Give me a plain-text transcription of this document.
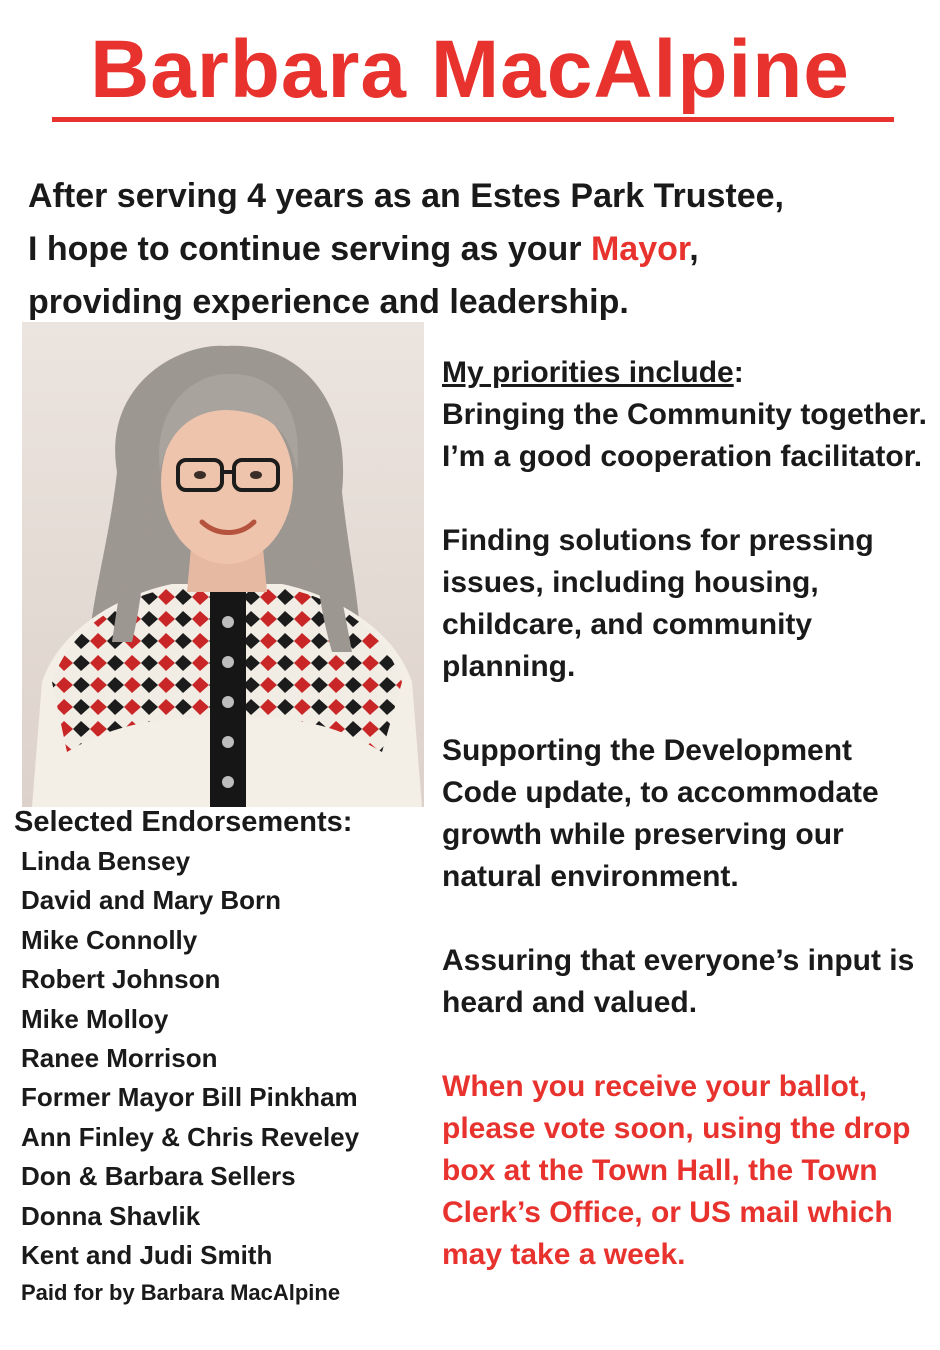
Barbara MacAlpine
After serving 4 years as an Estes Park Trustee,
I hope to continue serving as your Mayor,
providing experience and leadership.
My priorities include:
Bringing the Community together. I’m a good cooperation facilitator.
Finding solutions for pressing issues, including housing, childcare, and community planning.
Supporting the Development Code update, to accommodate growth while preserving our natural environment.
Assuring that everyone’s input is heard and valued.
When you receive your ballot, please vote soon, using the drop box at the Town Hall, the Town Clerk’s Office, or US mail which may take a week.
Selected Endorsements:
Linda Bensey
David and Mary Born
Mike Connolly
Robert Johnson
Mike Molloy
Ranee Morrison
Former Mayor Bill Pinkham
Ann Finley & Chris Reveley
Don & Barbara Sellers
Donna Shavlik
Kent and Judi Smith
Paid for by Barbara MacAlpine
